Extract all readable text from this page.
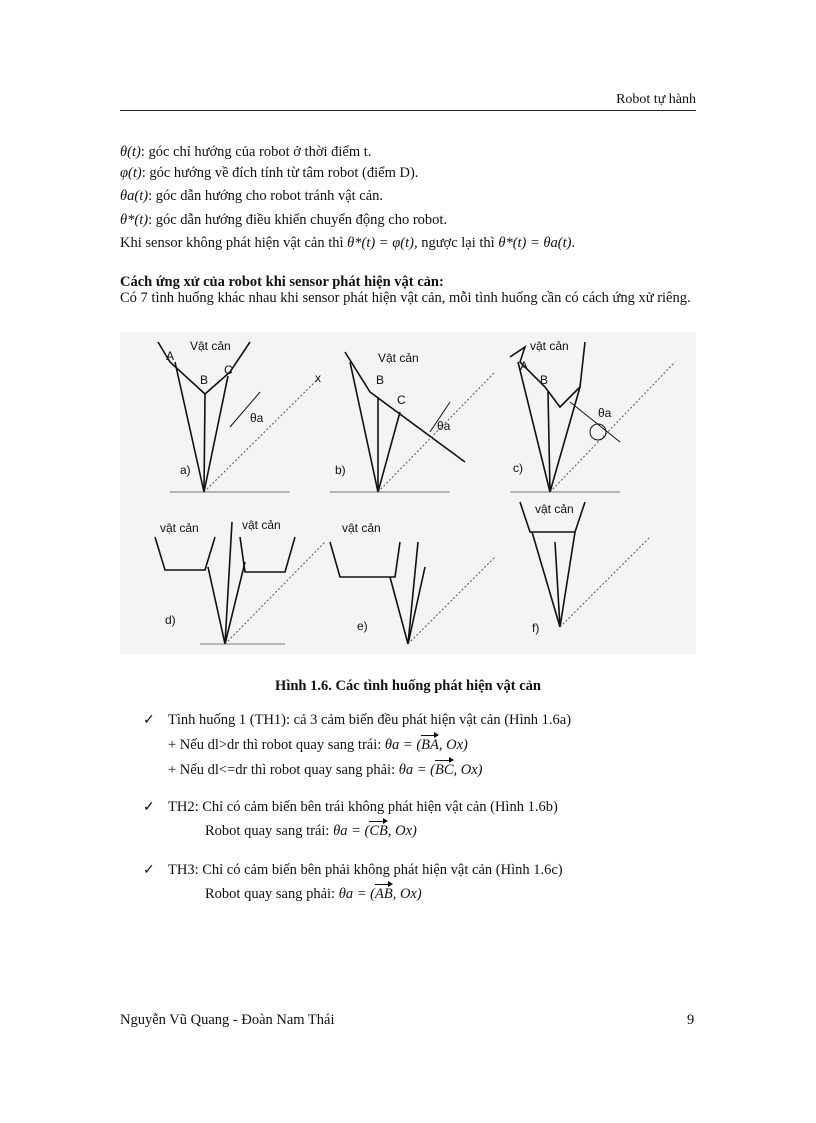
Robot tự hành
θ(t): góc chỉ hướng của robot ở thời điểm t.
φ(t): góc hướng về đích tính từ tâm robot (điểm D).
θa(t): góc dẫn hướng cho robot tránh vật cản.
θ*(t): góc dẫn hướng điều khiển chuyển động cho robot.
Khi sensor không phát hiện vật cản thì θ*(t) = φ(t), ngược lại thì θ*(t) = θa(t).
Cách ứng xử của robot khi sensor phát hiện vật cản:
Có 7 tình huống khác nhau khi sensor phát hiện vật cản, mỗi tình huống cần có cách ứng xử riêng.
Vật cản
A
B
C
a)
x
θa
Vật cản
B
C
b)
θa
vật cản
A
B
c)
θa
vật cản	vật cản
d)
vật cản
e)
vật cản
f)
Hình 1.6. Các tình huống phát hiện vật cản
✓ Tình huống 1 (TH1): cả 3 cảm biến đều phát hiện vật cản (Hình 1.6a)
+ Nếu dl>dr thì robot quay sang trái: θa = (BA, Ox)
+ Nếu dl<=dr thì robot quay sang phải: θa = (BC, Ox)
✓ TH2: Chỉ có cảm biến bên trái không phát hiện vật cản (Hình 1.6b)
Robot quay sang trái: θa = (CB, Ox)
✓ TH3: Chỉ có cảm biến bên phải không phát hiện vật cản (Hình 1.6c)
Robot quay sang phải: θa = (AB, Ox)
Nguyễn Vũ Quang - Đoàn Nam Thái	9
